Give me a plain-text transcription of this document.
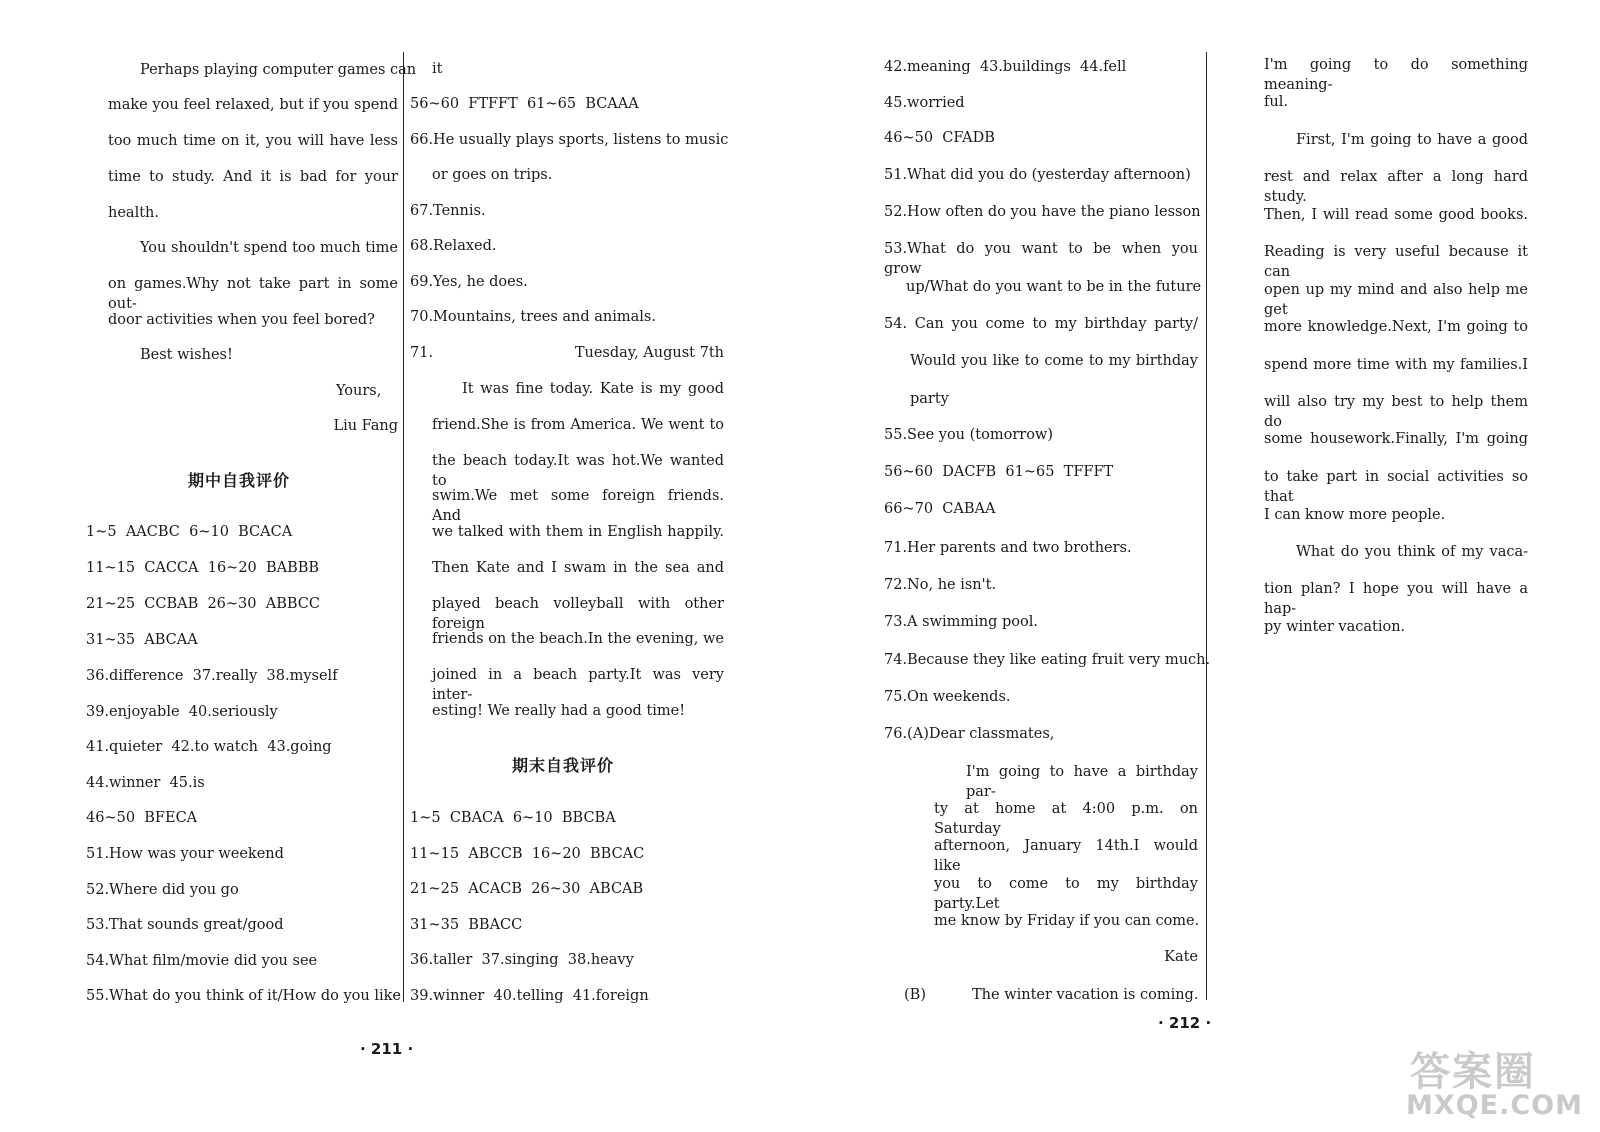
Perhaps playing computer games can
make you feel relaxed, but if you spend
too much time on it, you will have less
time to study. And it is bad for your
health.
You shouldn't spend too much time
on games.Why not take part in some out-
door activities when you feel bored?
Best wishes!
Yours,
Liu Fang
期中自我评价
1~5  AACBC  6~10  BCACA
11~15  CACCA  16~20  BABBB
21~25  CCBAB  26~30  ABBCC
31~35  ABCAA
36.difference  37.really  38.myself
39.enjoyable  40.seriously
41.quieter  42.to watch  43.going
44.winner  45.is
46~50  BFECA
51.How was your weekend
52.Where did you go
53.That sounds great/good
54.What film/movie did you see
55.What do you think of it/How do you like
it
56~60  FTFFT  61~65  BCAAA
66.He usually plays sports, listens to music
or goes on trips.
67.Tennis.
68.Relaxed.
69.Yes, he does.
70.Mountains, trees and animals.
71.	Tuesday, August 7th
It was fine today. Kate is my good
friend.She is from America. We went to
the beach today.It was hot.We wanted to
swim.We met some foreign friends. And
we talked with them in English happily.
Then Kate and I swam in the sea and
played beach volleyball with other foreign
friends on the beach.In the evening, we
joined in a beach party.It was very inter-
esting! We really had a good time!
期末自我评价
1~5  CBACA  6~10  BBCBA
11~15  ABCCB  16~20  BBCAC
21~25  ACACB  26~30  ABCAB
31~35  BBACC
36.taller  37.singing  38.heavy
39.winner  40.telling  41.foreign
· 211 ·
42.meaning  43.buildings  44.fell
45.worried
46~50  CFADB
51.What did you do (yesterday afternoon)
52.How often do you have the piano lesson
53.What do you want to be when you grow
up/What do you want to be in the future
54. Can you come to my birthday party/
Would you like to come to my birthday
party
55.See you (tomorrow)
56~60  DACFB  61~65  TFFFT
66~70  CABAA
71.Her parents and two brothers.
72.No, he isn't.
73.A swimming pool.
74.Because they like eating fruit very much.
75.On weekends.
76.(A)Dear classmates,
I'm going to have a birthday par-
ty at home at 4:00 p.m. on Saturday
afternoon, January 14th.I would like
you to come to my birthday party.Let
me know by Friday if you can come.
Kate
(B)	The winter vacation is coming.
I'm going to do something meaning-
ful.
First, I'm going to have a good
rest and relax after a long hard study.
Then, I will read some good books.
Reading is very useful because it can
open up my mind and also help me get
more knowledge.Next, I'm going to
spend more time with my families.I
will also try my best to help them do
some housework.Finally, I'm going
to take part in social activities so that
I can know more people.
What do you think of my vaca-
tion plan? I hope you will have a hap-
py winter vacation.
· 212 ·
答案圈
MXQE.COM
